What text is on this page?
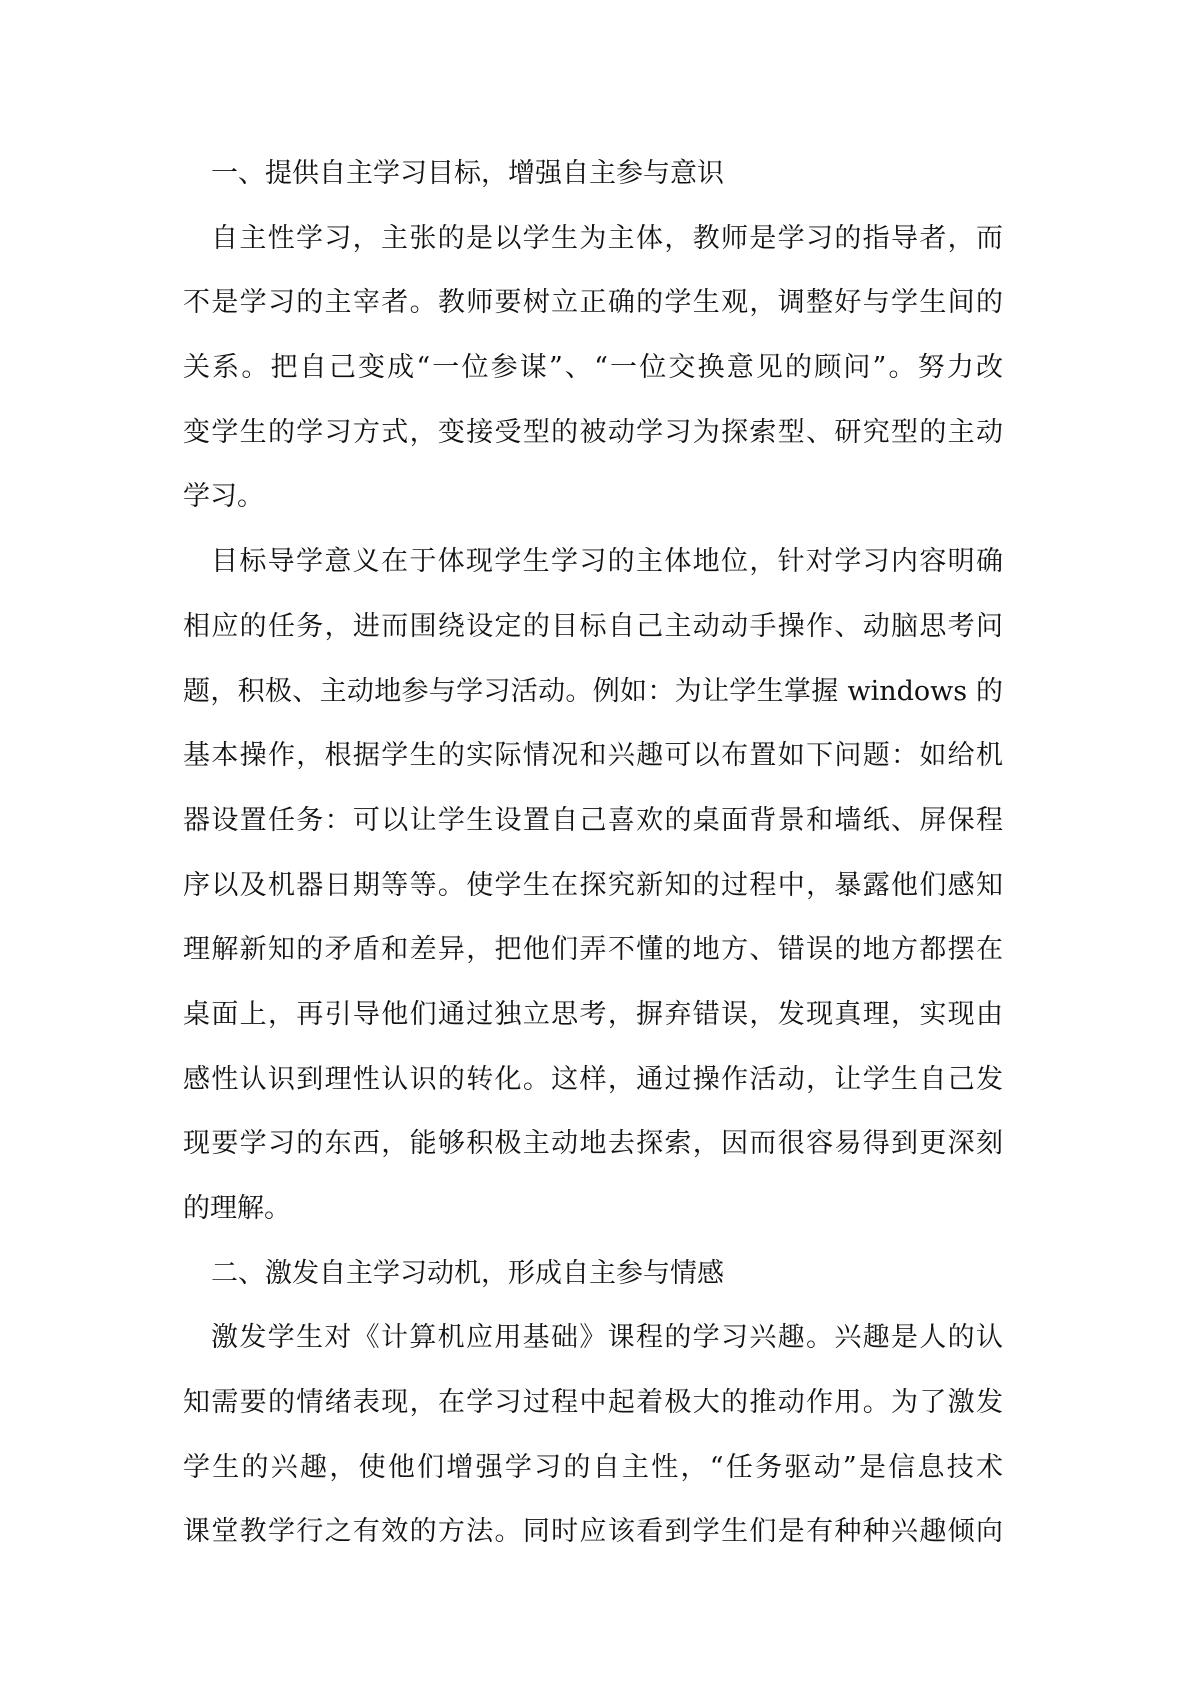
一、提供自主学习目标，增强自主参与意识
自主性学习，主张的是以学生为主体，教师是学习的指导者，而
不是学习的主宰者。教师要树立正确的学生观，调整好与学生间的
关系。把自己变成“一位参谋”、“一位交换意见的顾问”。努力改
变学生的学习方式，变接受型的被动学习为探索型、研究型的主动
学习。
目标导学意义在于体现学生学习的主体地位，针对学习内容明确
相应的任务，进而围绕设定的目标自己主动动手操作、动脑思考问
题，积极、主动地参与学习活动。例如：为让学生掌握 windows 的
基本操作，根据学生的实际情况和兴趣可以布置如下问题：如给机
器设置任务：可以让学生设置自己喜欢的桌面背景和墙纸、屏保程
序以及机器日期等等。使学生在探究新知的过程中，暴露他们感知
理解新知的矛盾和差异，把他们弄不懂的地方、错误的地方都摆在
桌面上，再引导他们通过独立思考，摒弃错误，发现真理，实现由
感性认识到理性认识的转化。这样，通过操作活动，让学生自己发
现要学习的东西，能够积极主动地去探索，因而很容易得到更深刻
的理解。
二、激发自主学习动机，形成自主参与情感
激发学生对《计算机应用基础》课程的学习兴趣。兴趣是人的认
知需要的情绪表现，在学习过程中起着极大的推动作用。为了激发
学生的兴趣，使他们增强学习的自主性，“任务驱动”是信息技术
课堂教学行之有效的方法。同时应该看到学生们是有种种兴趣倾向
